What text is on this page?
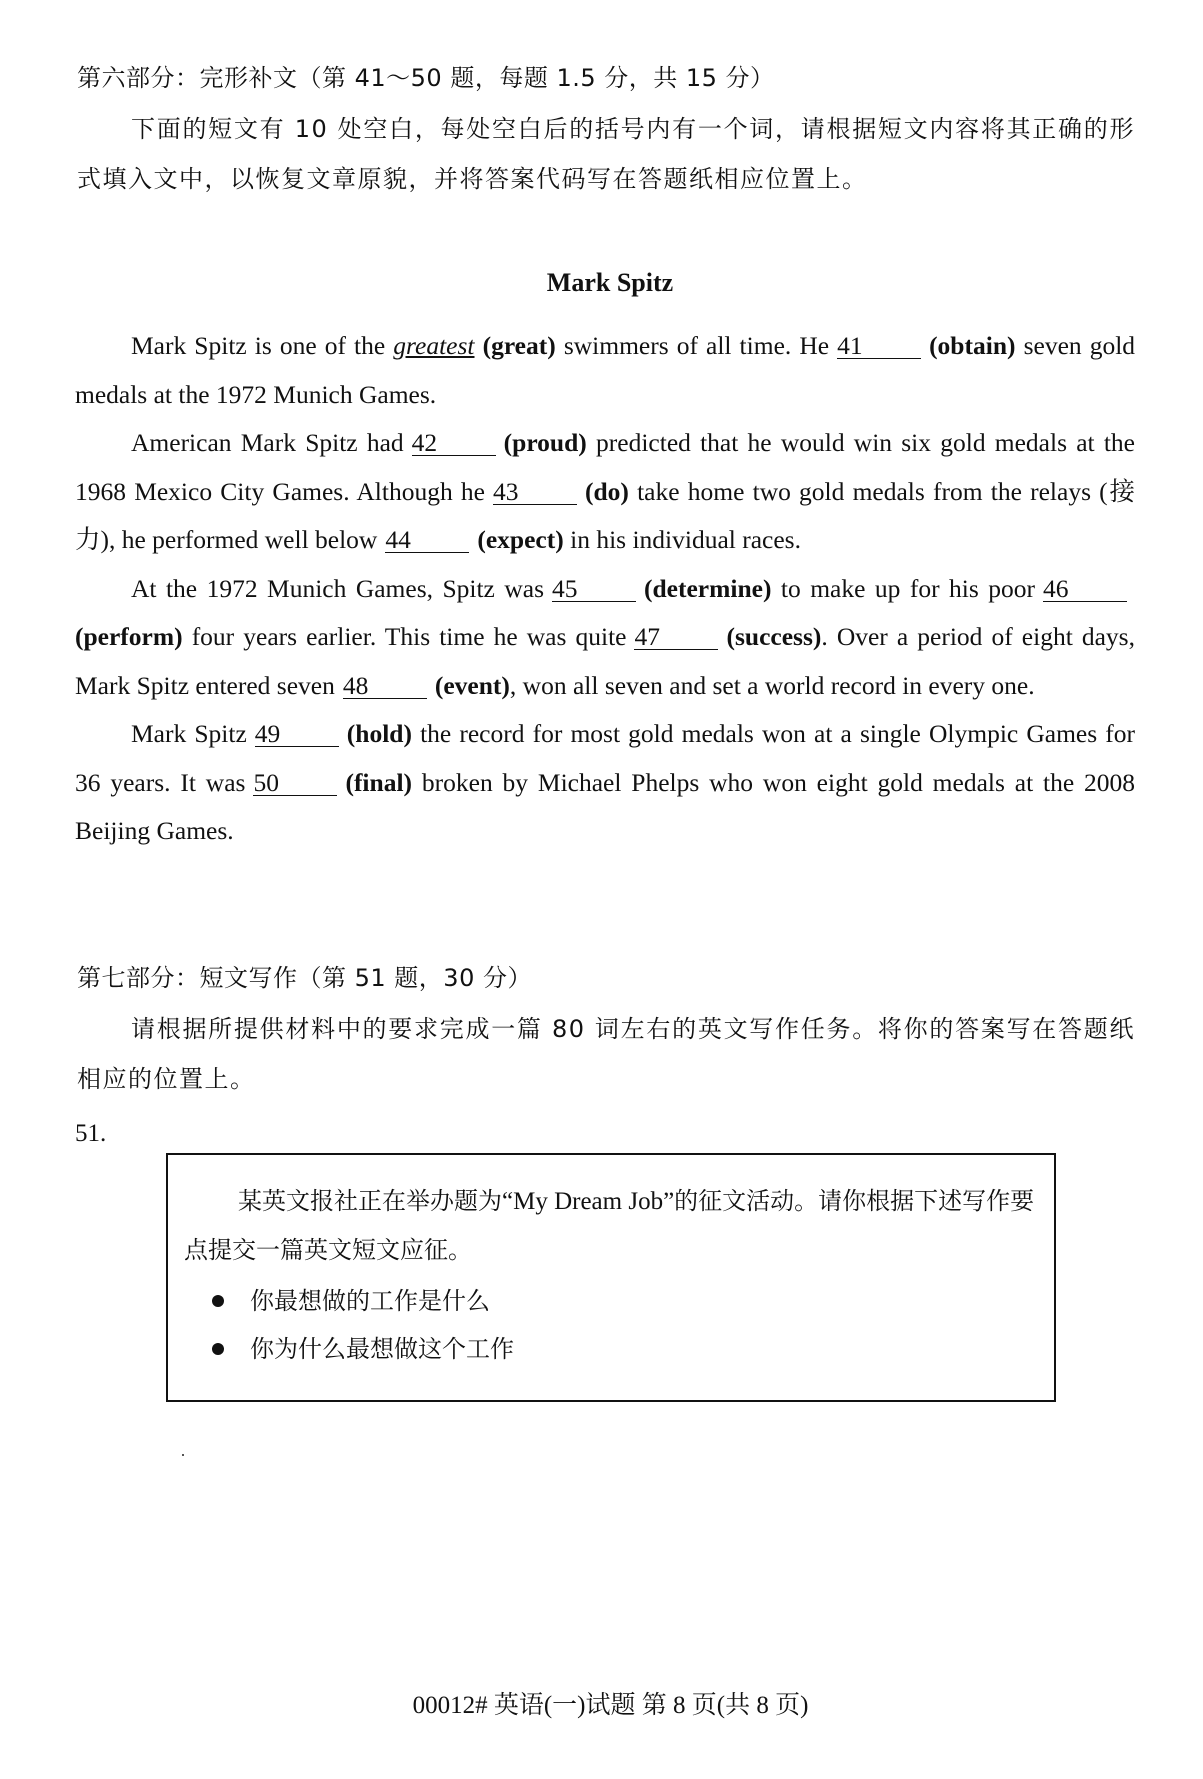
第六部分：完形补文（第 41～50 题，每题 1.5 分，共 15 分）
下面的短文有 10 处空白，每处空白后的括号内有一个词，请根据短文内容将其正确的形式填入文中，以恢复文章原貌，并将答案代码写在答题纸相应位置上。
Mark Spitz

Mark Spitz is one of the greatest (great) swimmers of all time. He 41	(obtain) seven gold medals at the 1972 Munich Games.

American Mark Spitz had 42	(proud) predicted that he would win six gold medals at the 1968 Mexico City Games. Although he 43	(do) take home two gold medals from the relays (接力), he performed well below 44	(expect) in his individual races.

At the 1972 Munich Games, Spitz was 45	(determine) to make up for his poor 46(perform) four years earlier. This time he was quite 47	(success). Over a period of eight days, Mark Spitz entered seven 48	(event), won all seven and set a world record in every one.

Mark Spitz 49	(hold) the record for most gold medals won at a single Olympic Games for 36 years. It was 50	(final) broken by Michael Phelps who won eight gold medals at the 2008 Beijing Games.

第七部分：短文写作（第 51 题，30 分）
请根据所提供材料中的要求完成一篇 80 词左右的英文写作任务。将你的答案写在答题纸相应的位置上。
51.
某英文报社正在举办题为“My Dream Job”的征文活动。请你根据下述写作要点提交一篇英文短文应征。
你最想做的工作是什么
你为什么最想做这个工作
00012# 英语(一)试题 第 8 页(共 8 页)
